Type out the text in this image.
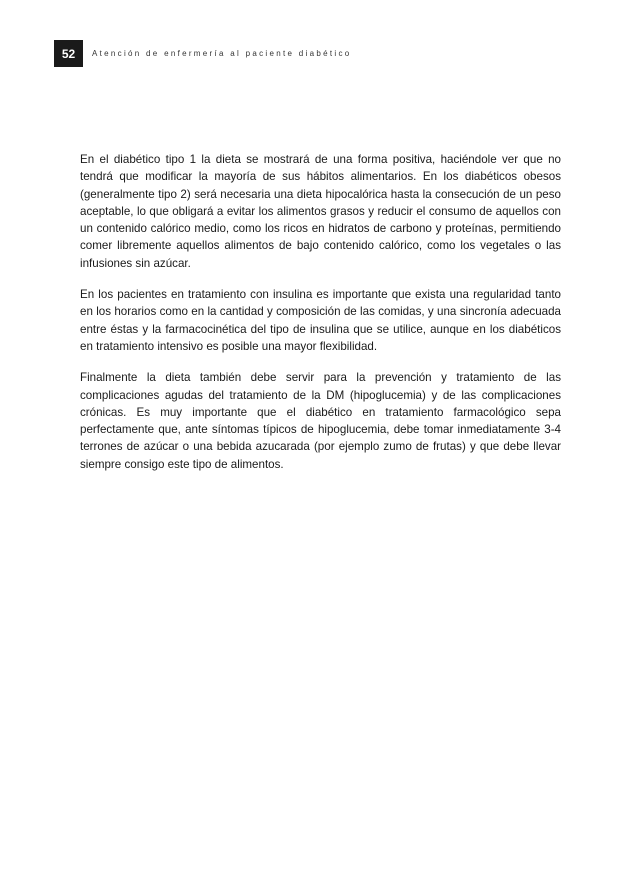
52	Atención de enfermería al paciente diabético

En el diabético tipo 1 la dieta se mostrará de una forma positiva, haciéndole ver que no tendrá que modificar la mayoría de sus hábitos alimentarios. En los diabéticos obesos (generalmente tipo 2) será necesaria una dieta hipocalórica hasta la consecución de un peso aceptable, lo que obligará a evitar los alimentos grasos y reducir el consumo de aquellos con un contenido calórico medio, como los ricos en hidratos de carbono y proteínas, permitiendo comer libremente aquellos alimentos de bajo contenido calórico, como los vegetales o las infusiones sin azúcar.

En los pacientes en tratamiento con insulina es importante que exista una regularidad tanto en los horarios como en la cantidad y composición de las comidas, y una sincronía adecuada entre éstas y la farmacocinética del tipo de insulina que se utilice, aunque en los diabéticos en tratamiento intensivo es posible una mayor flexibilidad.

Finalmente la dieta también debe servir para la prevención y tratamiento de las complicaciones agudas del tratamiento de la DM (hipoglucemia) y de las complicaciones crónicas. Es muy importante que el diabético en tratamiento farmacológico sepa perfectamente que, ante síntomas típicos de hipoglucemia, debe tomar inmediatamente 3-4 terrones de azúcar o una bebida azucarada (por ejemplo zumo de frutas) y que debe llevar siempre consigo este tipo de alimentos.
